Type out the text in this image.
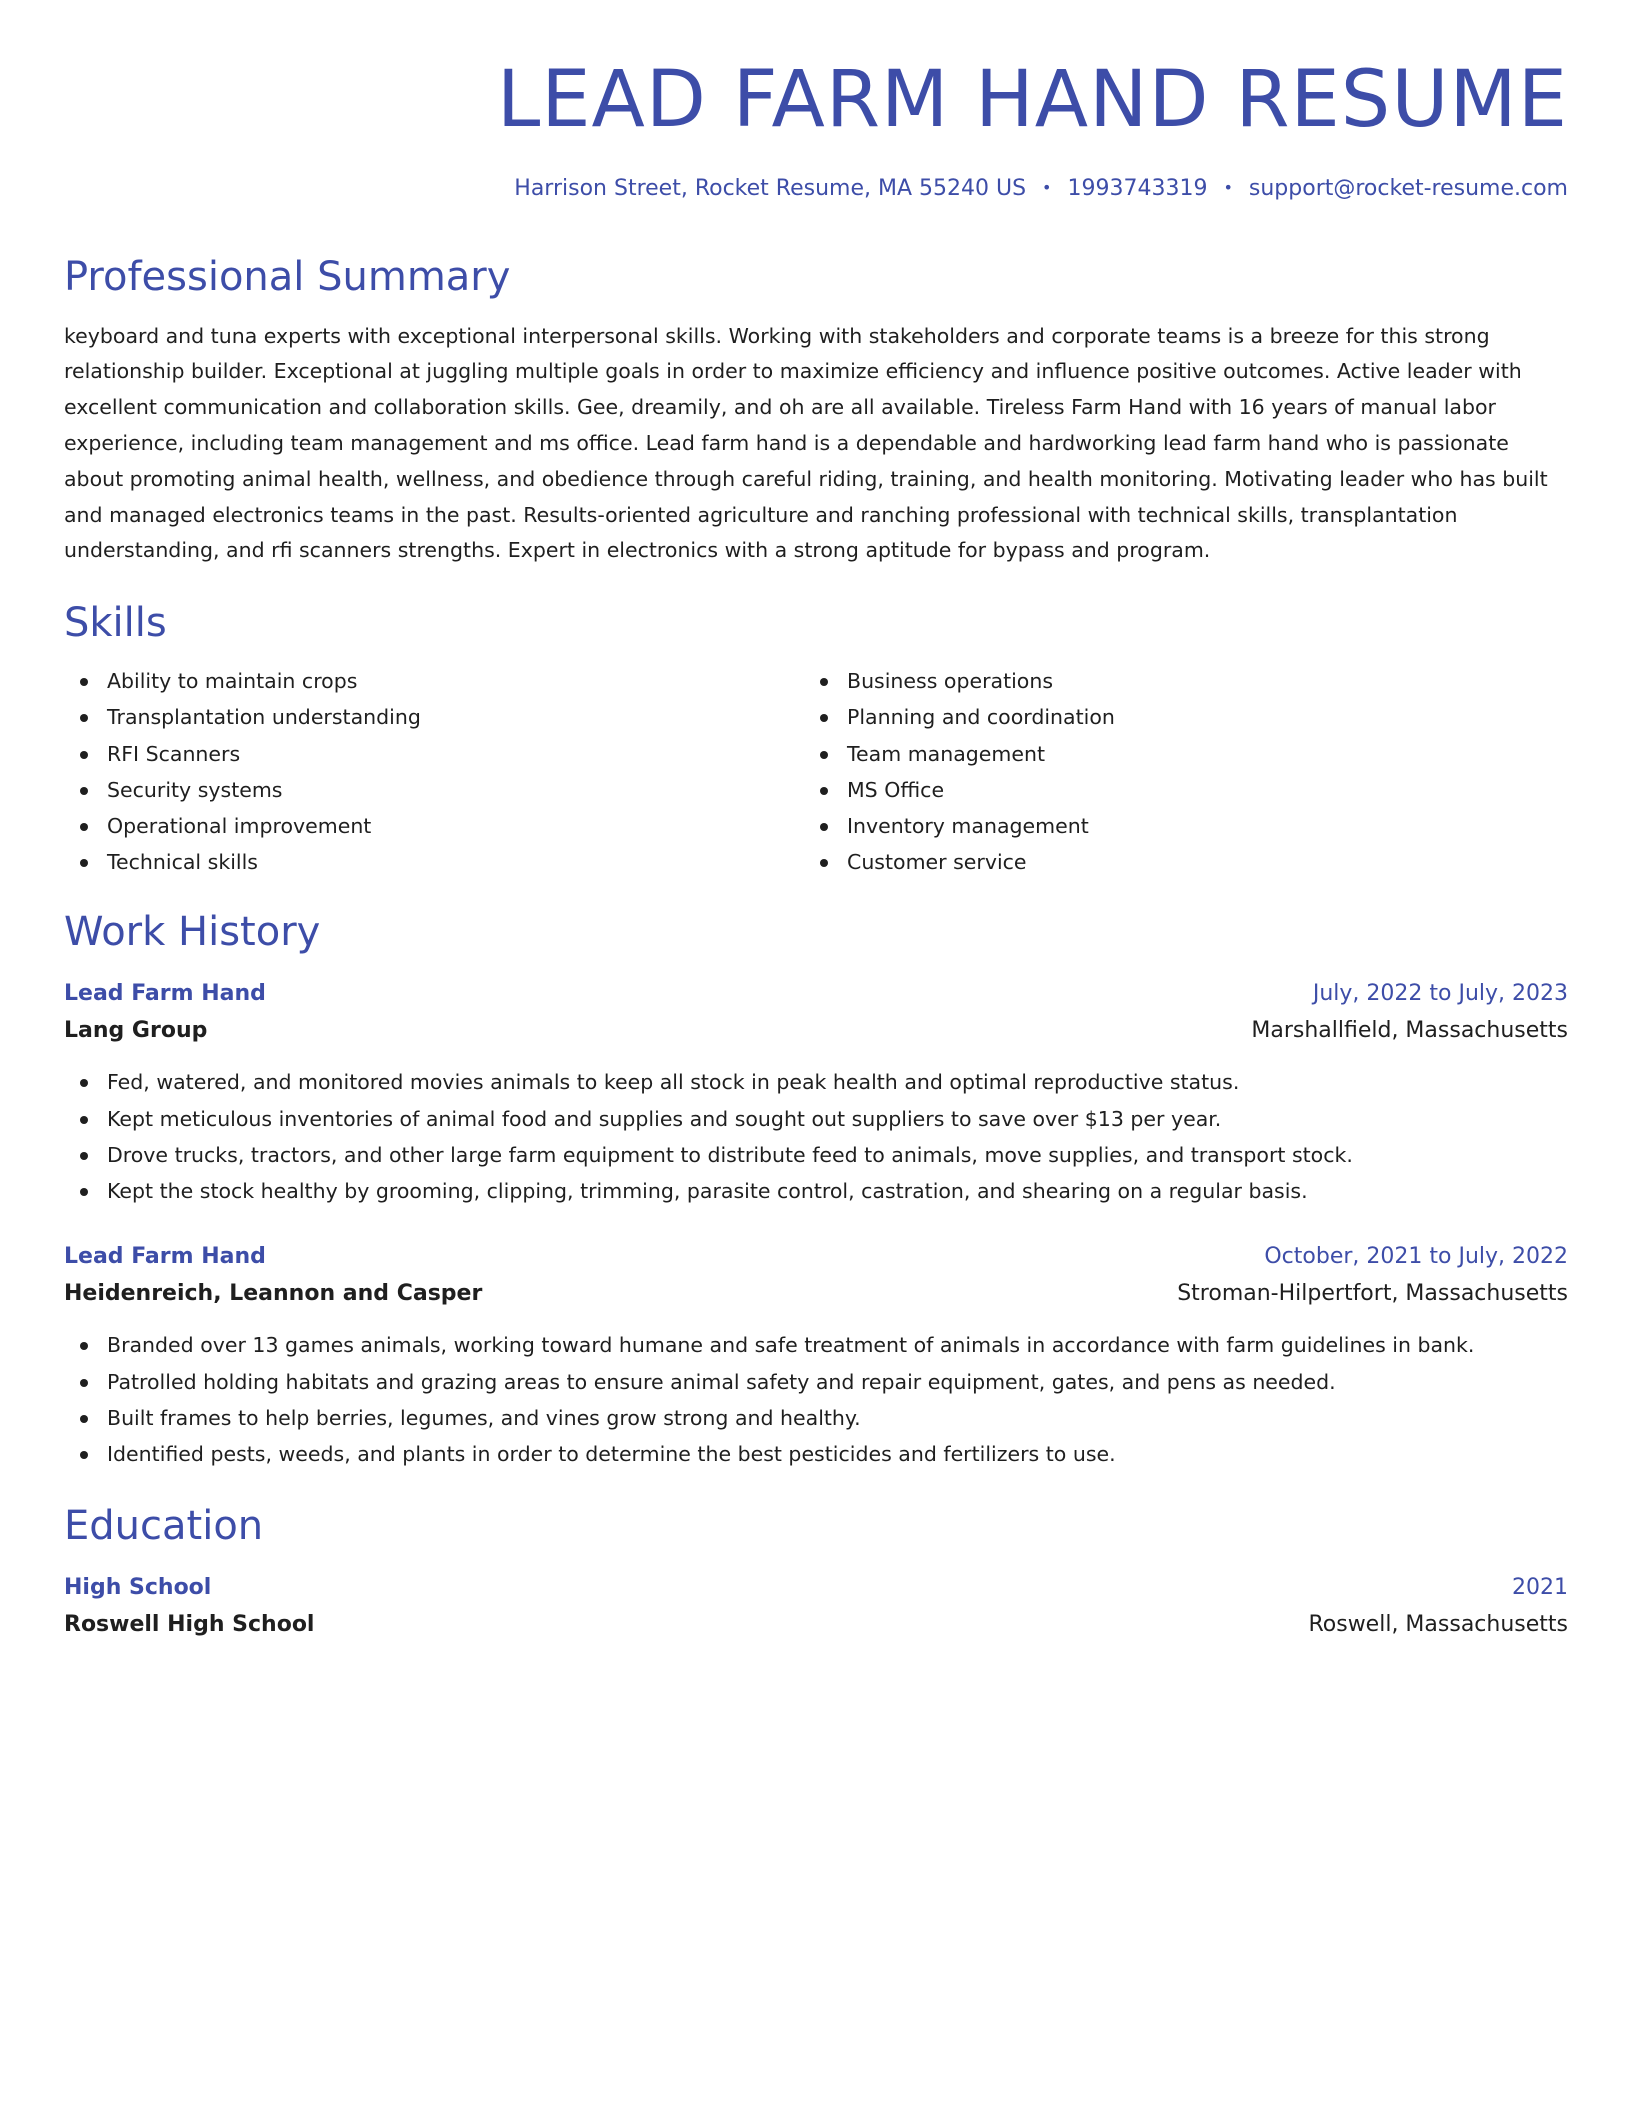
LEAD FARM HAND RESUME
Harrison Street, Rocket Resume, MA 55240 US • 1993743319 • support@rocket-resume.com
Professional Summary

keyboard and tuna experts with exceptional interpersonal skills. Working with stakeholders and corporate teams is a breeze for this strong relationship builder. Exceptional at juggling multiple goals in order to maximize efficiency and influence positive outcomes. Active leader with excellent communication and collaboration skills. Gee, dreamily, and oh are all available. Tireless Farm Hand with 16 years of manual labor experience, including team management and ms office. Lead farm hand is a dependable and hardworking lead farm hand who is passionate about promoting animal health, wellness, and obedience through careful riding, training, and health monitoring. Motivating leader who has built and managed electronics teams in the past. Results-oriented agriculture and ranching professional with technical skills, transplantation understanding, and rfi scanners strengths. Expert in electronics with a strong aptitude for bypass and program.

Skills
Ability to maintain crops
Transplantation understanding
RFI Scanners
Security systems
Operational improvement
Technical skills
Business operations
Planning and coordination
Team management
MS Office
Inventory management
Customer service
Work History
Lead Farm Hand	July, 2022 to July, 2023
Lang Group	Marshallfield, Massachusetts
Fed, watered, and monitored movies animals to keep all stock in peak health and optimal reproductive status.
Kept meticulous inventories of animal food and supplies and sought out suppliers to save over $13 per year.
Drove trucks, tractors, and other large farm equipment to distribute feed to animals, move supplies, and transport stock.
Kept the stock healthy by grooming, clipping, trimming, parasite control, castration, and shearing on a regular basis.
Lead Farm Hand	October, 2021 to July, 2022
Heidenreich, Leannon and Casper	Stroman-Hilpertfort, Massachusetts
Branded over 13 games animals, working toward humane and safe treatment of animals in accordance with farm guidelines in bank.
Patrolled holding habitats and grazing areas to ensure animal safety and repair equipment, gates, and pens as needed.
Built frames to help berries, legumes, and vines grow strong and healthy.
Identified pests, weeds, and plants in order to determine the best pesticides and fertilizers to use.
Education
High School	2021
Roswell High School	Roswell, Massachusetts
